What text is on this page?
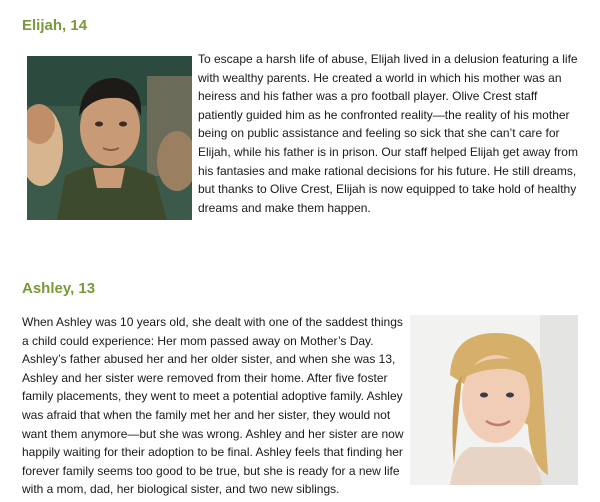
Elijah, 14

To escape a harsh life of abuse, Elijah lived in a delusion featuring a life with wealthy parents. He created a world in which his mother was an heiress and his father was a pro football player. Olive Crest staff patiently guided him as he confronted reality—the reality of his mother being on public assistance and feeling so sick that she can’t care for Elijah, while his father is in prison. Our staff helped Elijah get away from his fantasies and make rational decisions for his future. He still dreams, but thanks to Olive Crest, Elijah is now equipped to take hold of healthy dreams and make them happen.

Ashley, 13

When Ashley was 10 years old, she dealt with one of the saddest things a child could experience: Her mom passed away on Mother’s Day. Ashley’s father abused her and her older sister, and when she was 13, Ashley and her sister were removed from their home. After five foster family placements, they went to meet a potential adoptive family. Ashley was afraid that when the family met her and her sister, they would not want them anymore—but she was wrong. Ashley and her sister are now happily waiting for their adoption to be final. Ashley feels that finding her forever family seems too good to be true, but she is ready for a new life with a mom, dad, her biological sister, and two new siblings.
